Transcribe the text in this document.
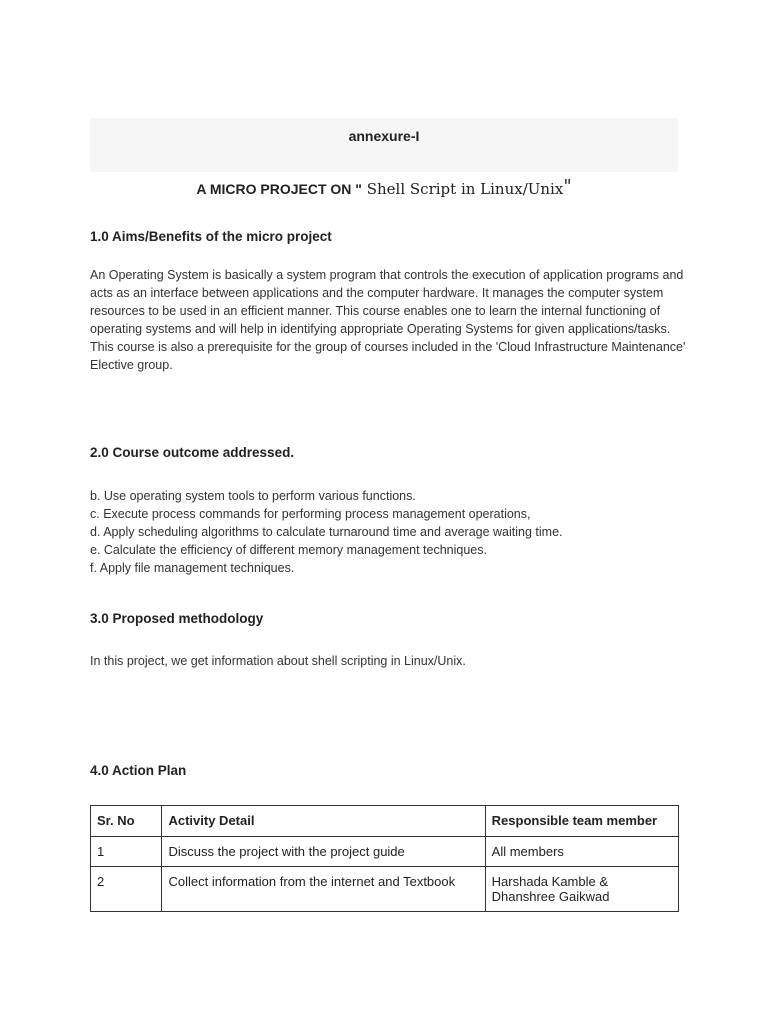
annexure-I
A MICRO PROJECT ON " Shell Script in Linux/Unix"
1.0 Aims/Benefits of the micro project
An Operating System is basically a system program that controls the execution of application programs and acts as an interface between applications and the computer hardware. It manages the computer system resources to be used in an efficient manner. This course enables one to learn the internal functioning of operating systems and will help in identifying appropriate Operating Systems for given applications/tasks. This course is also a prerequisite for the group of courses included in the 'Cloud Infrastructure Maintenance' Elective group.
2.0 Course outcome addressed.
b. Use operating system tools to perform various functions.
c. Execute process commands for performing process management operations,
d. Apply scheduling algorithms to calculate turnaround time and average waiting time.
e. Calculate the efficiency of different memory management techniques.
f. Apply file management techniques.
3.0 Proposed methodology
In this project, we get information about shell scripting in Linux/Unix.
4.0 Action Plan
Sr. No	Activity Detail	Responsible team member
1	Discuss the project with the project guide	All members
2	Collect information from the internet and Textbook	Harshada Kamble & Dhanshree Gaikwad
